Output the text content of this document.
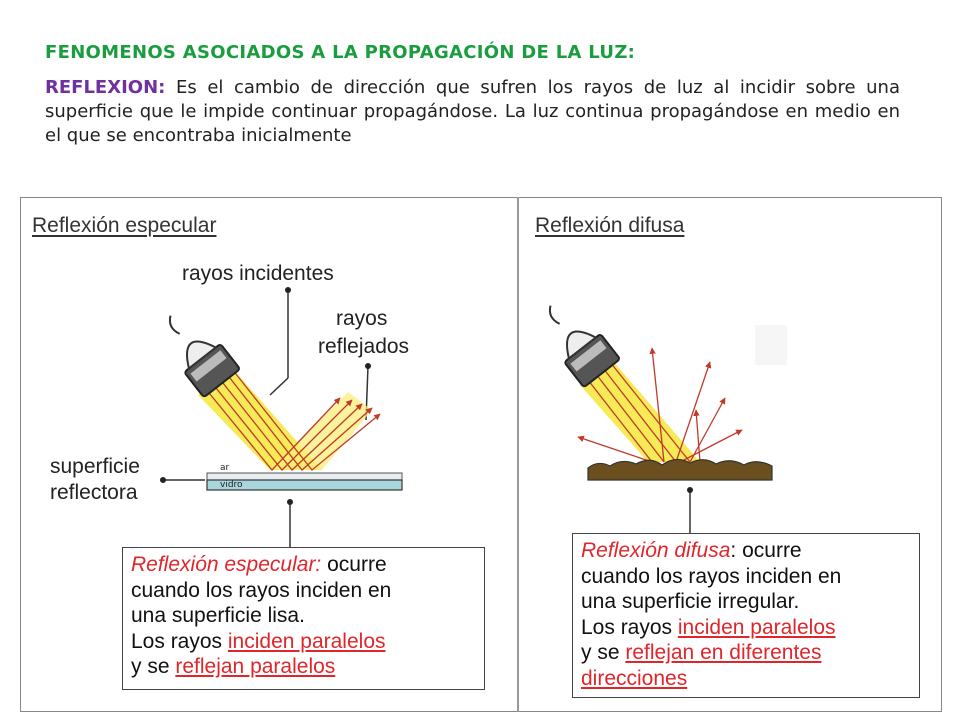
FENOMENOS ASOCIADOS A LA PROPAGACIÓN DE LA LUZ:
REFLEXION: Es el cambio de dirección que sufren los rayos de luz al incidir sobre una superficie que le impide continuar propagándose. La luz continua propagándose en medio en el que se encontraba inicialmente
Reflexión especular
rayos incidentes
rayos
reflejados
superficie
reflectora
ar
vidro
Reflexión especular: ocurre
cuando los rayos inciden en
una superficie lisa.
Los rayos inciden paralelos
y se reflejan paralelos
Reflexión difusa
Reflexión difusa: ocurre
cuando los rayos inciden en
una superficie irregular.
Los rayos inciden paralelos
y se reflejan en diferentes
direcciones
